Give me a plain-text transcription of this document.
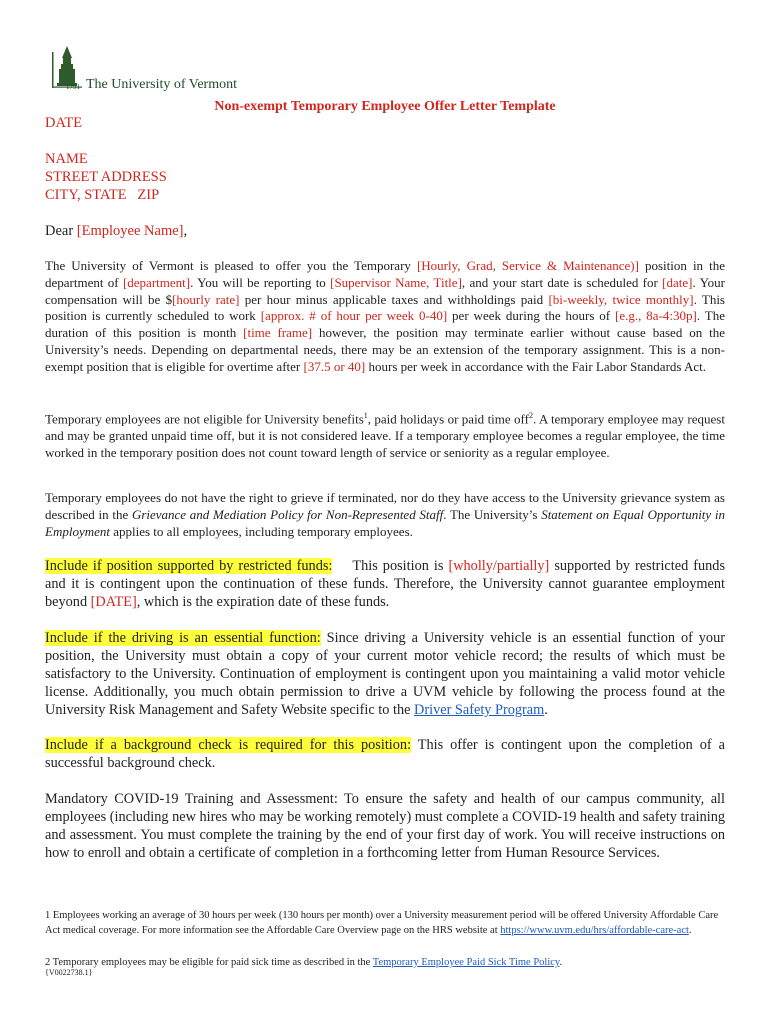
1791 The University of Vermont
Non-exempt Temporary Employee Offer Letter Template
DATE
NAME
STREET ADDRESS
CITY, STATE   ZIP
Dear [Employee Name],
The University of Vermont is pleased to offer you the Temporary [Hourly, Grad, Service & Maintenance)] position in the department of [department]. You will be reporting to [Supervisor Name, Title], and your start date is scheduled for [date]. Your compensation will be $[hourly rate] per hour minus applicable taxes and withholdings paid [bi-weekly, twice monthly]. This position is currently scheduled to work [approx. # of hour per week 0-40] per week during the hours of [e.g., 8a-4:30p]. The duration of this position is month [time frame] however, the position may terminate earlier without cause based on the University’s needs. Depending on departmental needs, there may be an extension of the temporary assignment. This is a non-exempt position that is eligible for overtime after [37.5 or 40] hours per week in accordance with the Fair Labor Standards Act.
Temporary employees are not eligible for University benefits$^1$, paid holidays or paid time off$^2$. A temporary employee may request and may be granted unpaid time off, but it is not considered leave. If a temporary employee becomes a regular employee, the time worked in the temporary position does not count toward length of service or seniority as a regular employee.
Temporary employees do not have the right to grieve if terminated, nor do they have access to the University grievance system as described in the Grievance and Mediation Policy for Non-Represented Staff. The University’s Statement on Equal Opportunity in Employment applies to all employees, including temporary employees.
Include if position supported by restricted funds: This position is [wholly/partially] supported by restricted funds and it is contingent upon the continuation of these funds. Therefore, the University cannot guarantee employment beyond [DATE], which is the expiration date of these funds.
Include if the driving is an essential function: Since driving a University vehicle is an essential function of your position, the University must obtain a copy of your current motor vehicle record; the results of which must be satisfactory to the University. Continuation of employment is contingent upon you maintaining a valid motor vehicle license. Additionally, you much obtain permission to drive a UVM vehicle by following the process found at the University Risk Management and Safety Website specific to the Driver Safety Program.
Include if a background check is required for this position: This offer is contingent upon the completion of a successful background check.
Mandatory COVID-19 Training and Assessment: To ensure the safety and health of our campus community, all employees (including new hires who may be working remotely) must complete a COVID-19 health and safety training and assessment. You must complete the training by the end of your first day of work. You will receive instructions on how to enroll and obtain a certificate of completion in a forthcoming letter from Human Resource Services.
1 Employees working an average of 30 hours per week (130 hours per month) over a University measurement period will be offered University Affordable Care Act medical coverage. For more information see the Affordable Care Overview page on the HRS website at https://www.uvm.edu/hrs/affordable-care-act.
2 Temporary employees may be eligible for paid sick time as described in the Temporary Employee Paid Sick Time Policy.
{V0022738.1}
